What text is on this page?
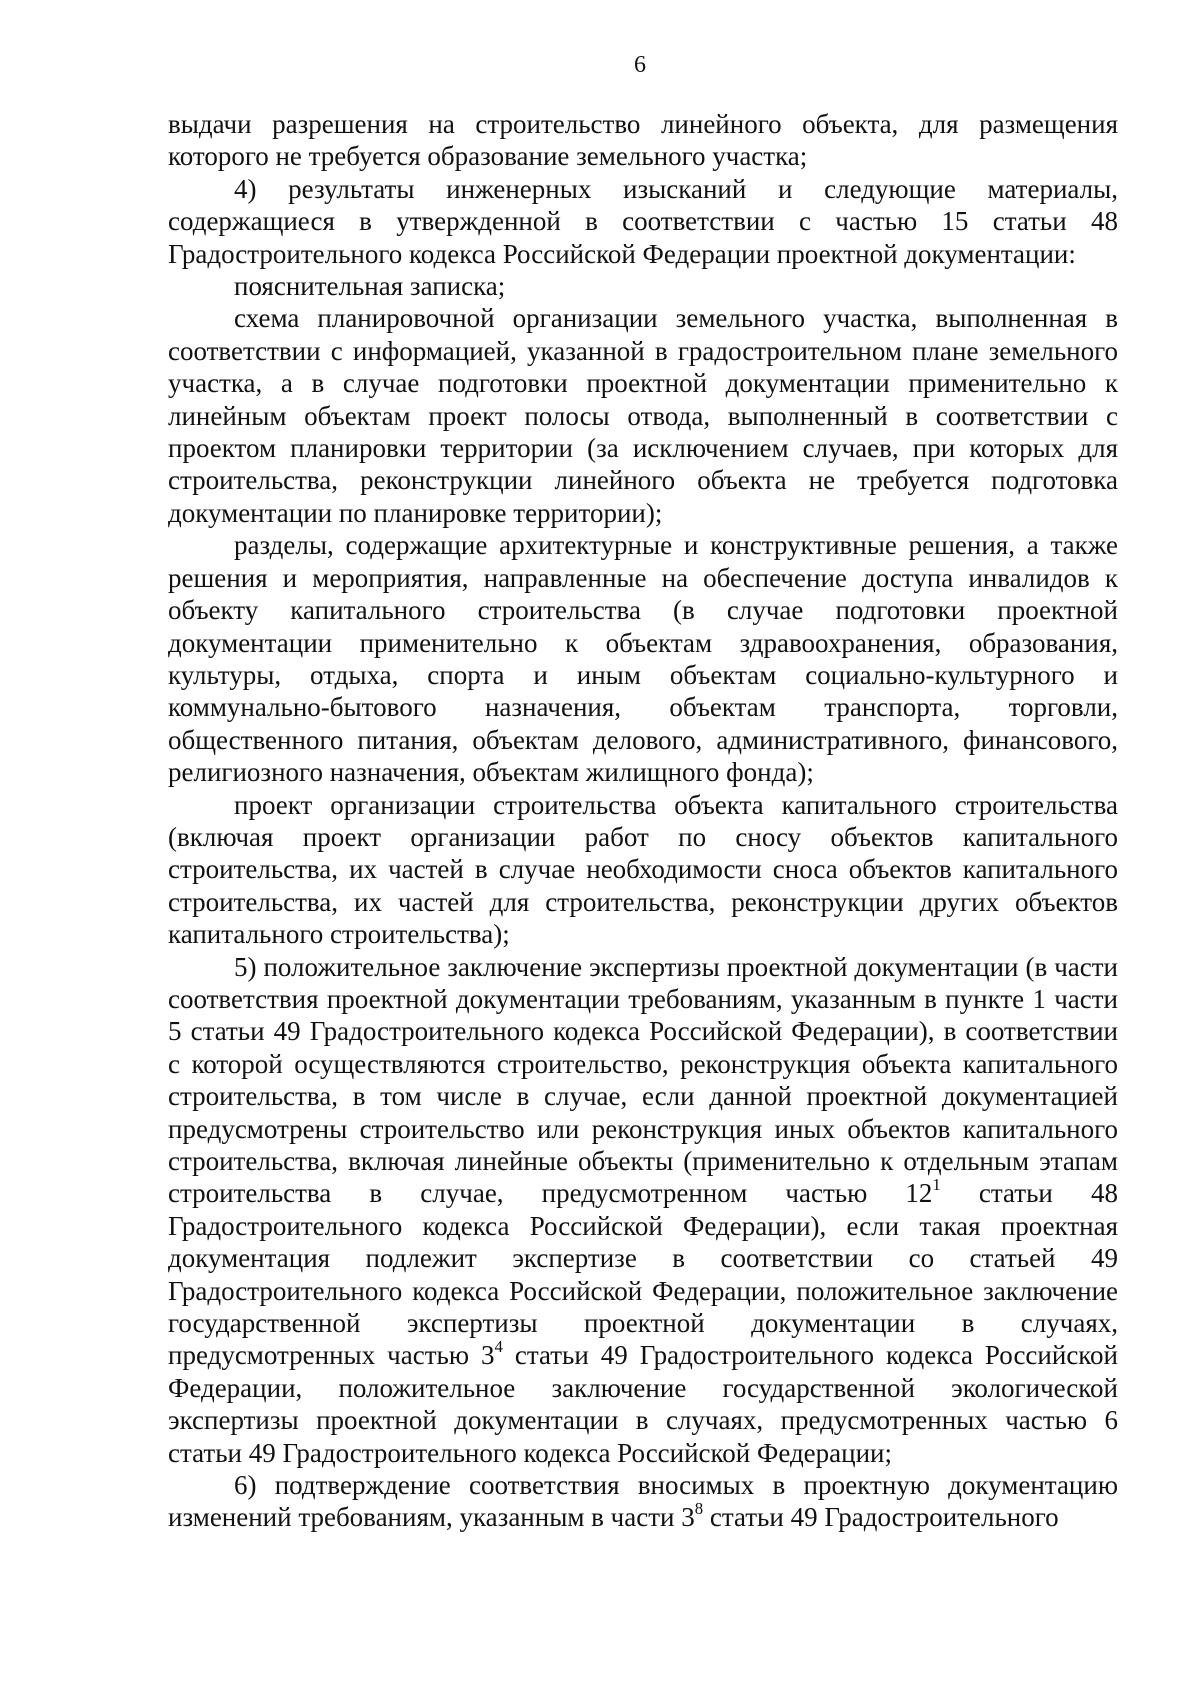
6

выдачи разрешения на строительство линейного объекта, для размещения которого не требуется образование земельного участка;

4) результаты инженерных изысканий и следующие материалы, содержащиеся в утвержденной в соответствии с частью 15 статьи 48 Градостроительного кодекса Российской Федерации проектной документации:

пояснительная записка;

схема планировочной организации земельного участка, выполненная в соответствии с информацией, указанной в градостроительном плане земельного участка, а в случае подготовки проектной документации применительно к линейным объектам проект полосы отвода, выполненный в соответствии с проектом планировки территории (за исключением случаев, при которых для строительства, реконструкции линейного объекта не требуется подготовка документации по планировке территории);

разделы, содержащие архитектурные и конструктивные решения, а также решения и мероприятия, направленные на обеспечение доступа инвалидов к объекту капитального строительства (в случае подготовки проектной документации применительно к объектам здравоохранения, образования, культуры, отдыха, спорта и иным объектам социально-культурного и коммунально-бытового назначения, объектам транспорта, торговли, общественного питания, объектам делового, административного, финансового, религиозного назначения, объектам жилищного фонда);

проект организации строительства объекта капитального строительства (включая проект организации работ по сносу объектов капитального строительства, их частей в случае необходимости сноса объектов капитального строительства, их частей для строительства, реконструкции других объектов капитального строительства);

5) положительное заключение экспертизы проектной документации (в части соответствия проектной документации требованиям, указанным в пункте 1 части 5 статьи 49 Градостроительного кодекса Российской Федерации), в соответствии с которой осуществляются строительство, реконструкция объекта капитального строительства, в том числе в случае, если данной проектной документацией предусмотрены строительство или реконструкция иных объектов капитального строительства, включая линейные объекты (применительно к отдельным этапам строительства в случае, предусмотренном частью $12^1$ статьи 48 Градостроительного кодекса Российской Федерации), если такая проектная документация подлежит экспертизе в соответствии со статьей 49 Градостроительного кодекса Российской Федерации, положительное заключение государственной экспертизы проектной документации в случаях, предусмотренных частью $3^4$ статьи 49 Градостроительного кодекса Российской Федерации, положительное заключение государственной экологической экспертизы проектной документации в случаях, предусмотренных частью 6 статьи 49 Градостроительного кодекса Российской Федерации;

6) подтверждение соответствия вносимых в проектную документацию изменений требованиям, указанным в части $3^8$ статьи 49 Градостроительного
